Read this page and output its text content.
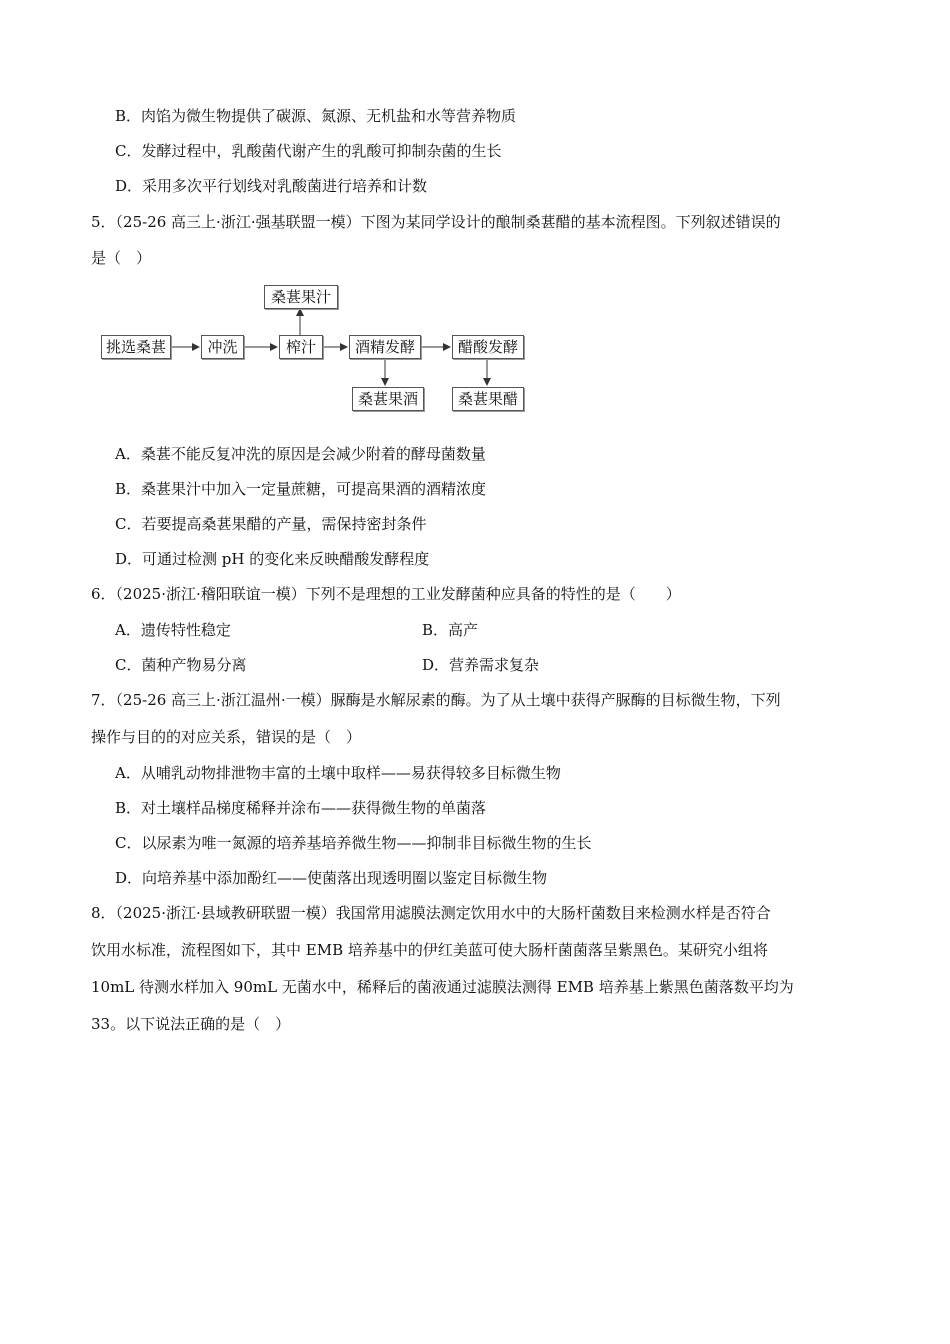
B．肉馅为微生物提供了碳源、氮源、无机盐和水等营养物质
C．发酵过程中，乳酸菌代谢产生的乳酸可抑制杂菌的生长
D．采用多次平行划线对乳酸菌进行培养和计数
5．（25-26 高三上·浙江·强基联盟一模）下图为某同学设计的酿制桑葚醋的基本流程图。下列叙述错误的
是（　）
挑选桑葚	冲洗	榨汁
桑葚果汁
酒精发酵
桑葚果酒
醋酸发酵
桑葚果醋
A．桑葚不能反复冲洗的原因是会减少附着的酵母菌数量
B．桑葚果汁中加入一定量蔗糖，可提高果酒的酒精浓度
C．若要提高桑葚果醋的产量，需保持密封条件
D．可通过检测 pH 的变化来反映醋酸发酵程度
6．（2025·浙江·稽阳联谊一模）下列不是理想的工业发酵菌种应具备的特性的是（　　）
A．遗传特性稳定	B．高产
C．菌种产物易分离	D．营养需求复杂
7．（25-26 高三上·浙江温州·一模）脲酶是水解尿素的酶。为了从土壤中获得产脲酶的目标微生物，下列
操作与目的的对应关系，错误的是（　）
A．从哺乳动物排泄物丰富的土壤中取样——易获得较多目标微生物
B．对土壤样品梯度稀释并涂布——获得微生物的单菌落
C．以尿素为唯一氮源的培养基培养微生物——抑制非目标微生物的生长
D．向培养基中添加酚红——使菌落出现透明圈以鉴定目标微生物
8．（2025·浙江·县域教研联盟一模）我国常用滤膜法测定饮用水中的大肠杆菌数目来检测水样是否符合
饮用水标准，流程图如下，其中 EMB 培养基中的伊红美蓝可使大肠杆菌菌落呈紫黑色。某研究小组将
10mL 待测水样加入 90mL 无菌水中，稀释后的菌液通过滤膜法测得 EMB 培养基上紫黑色菌落数平均为
33。以下说法正确的是（　）
